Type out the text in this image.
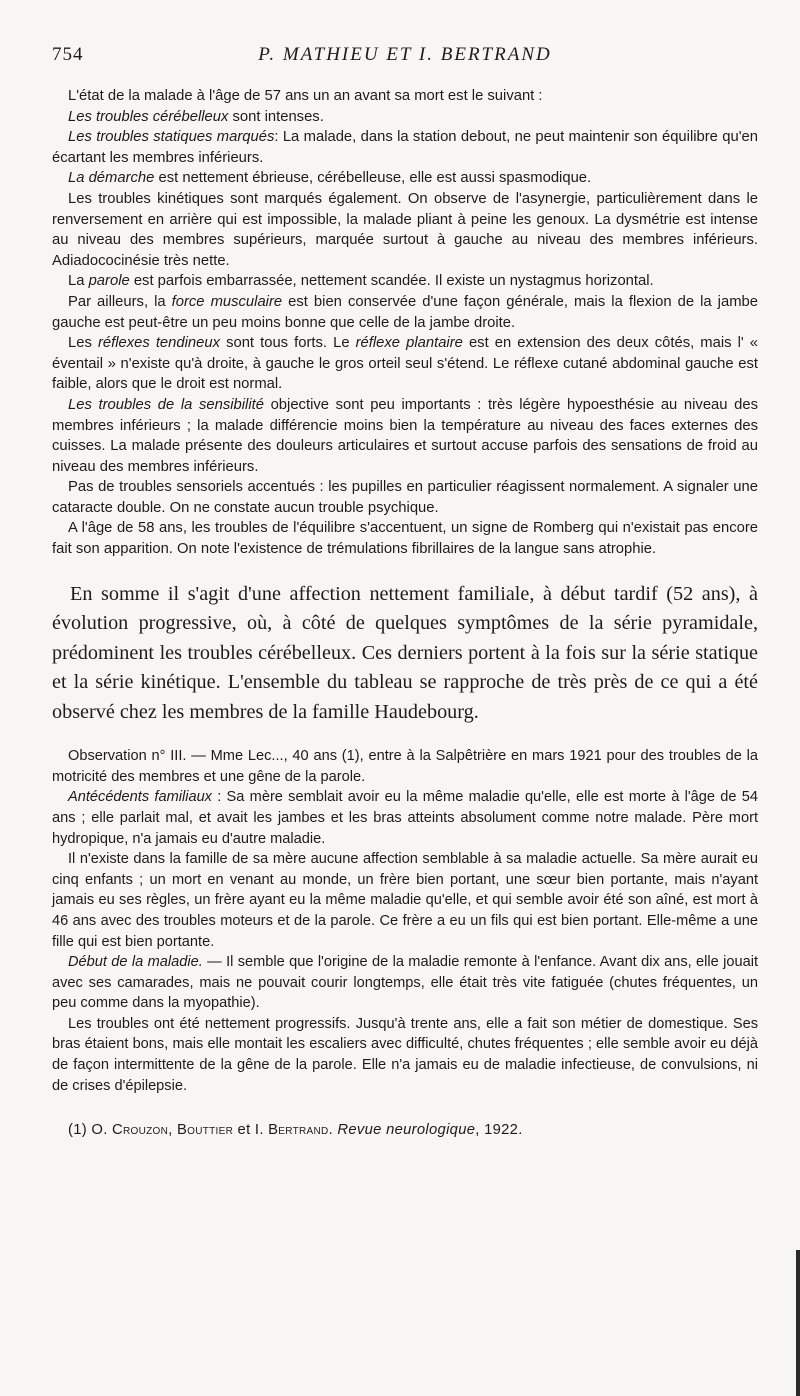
754	P. MATHIEU ET I. BERTRAND

L'état de la malade à l'âge de 57 ans un an avant sa mort est le suivant :

Les troubles cérébelleux sont intenses.

Les troubles statiques marqués: La malade, dans la station debout, ne peut maintenir son équilibre qu'en écartant les membres inférieurs.

La démarche est nettement ébrieuse, cérébelleuse, elle est aussi spasmodique.

Les troubles kinétiques sont marqués également. On observe de l'asynergie, particulièrement dans le renversement en arrière qui est impossible, la malade pliant à peine les genoux. La dysmétrie est intense au niveau des membres supérieurs, marquée surtout à gauche au niveau des membres inférieurs. Adiadococinésie très nette.

La parole est parfois embarrassée, nettement scandée. Il existe un nystagmus horizontal.

Par ailleurs, la force musculaire est bien conservée d'une façon générale, mais la flexion de la jambe gauche est peut-être un peu moins bonne que celle de la jambe droite.

Les réflexes tendineux sont tous forts. Le réflexe plantaire est en extension des deux côtés, mais l' « éventail » n'existe qu'à droite, à gauche le gros orteil seul s'étend. Le réflexe cutané abdominal gauche est faible, alors que le droit est normal.

Les troubles de la sensibilité objective sont peu importants : très légère hypoesthésie au niveau des membres inférieurs ; la malade différencie moins bien la température au niveau des faces externes des cuisses. La malade présente des douleurs articulaires et surtout accuse parfois des sensations de froid au niveau des membres inférieurs.

Pas de troubles sensoriels accentués : les pupilles en particulier réagissent normalement. A signaler une cataracte double. On ne constate aucun trouble psychique.

A l'âge de 58 ans, les troubles de l'équilibre s'accentuent, un signe de Romberg qui n'existait pas encore fait son apparition. On note l'existence de trémulations fibrillaires de la langue sans atrophie.

En somme il s'agit d'une affection nettement familiale, à début tardif (52 ans), à évolution progressive, où, à côté de quelques symptômes de la série pyramidale, prédominent les troubles cérébelleux. Ces derniers portent à la fois sur la série statique et la série kinétique. L'ensemble du tableau se rapproche de très près de ce qui a été observé chez les membres de la famille Haudebourg.

Observation n° III. — Mme Lec..., 40 ans (1), entre à la Salpêtrière en mars 1921 pour des troubles de la motricité des membres et une gêne de la parole.

Antécédents familiaux : Sa mère semblait avoir eu la même maladie qu'elle, elle est morte à l'âge de 54 ans ; elle parlait mal, et avait les jambes et les bras atteints absolument comme notre malade. Père mort hydropique, n'a jamais eu d'autre maladie.

Il n'existe dans la famille de sa mère aucune affection semblable à sa maladie actuelle. Sa mère aurait eu cinq enfants ; un mort en venant au monde, un frère bien portant, une sœur bien portante, mais n'ayant jamais eu ses règles, un frère ayant eu la même maladie qu'elle, et qui semble avoir été son aîné, est mort à 46 ans avec des troubles moteurs et de la parole. Ce frère a eu un fils qui est bien portant. Elle-même a une fille qui est bien portante.

Début de la maladie. — Il semble que l'origine de la maladie remonte à l'enfance. Avant dix ans, elle jouait avec ses camarades, mais ne pouvait courir longtemps, elle était très vite fatiguée (chutes fréquentes, un peu comme dans la myopathie).

Les troubles ont été nettement progressifs. Jusqu'à trente ans, elle a fait son métier de domestique. Ses bras étaient bons, mais elle montait les escaliers avec difficulté, chutes fréquentes ; elle semble avoir eu déjà de façon intermittente de la gêne de la parole. Elle n'a jamais eu de maladie infectieuse, de convulsions, ni de crises d'épilepsie.

(1) O. Crouzon, Bouttier et I. Bertrand. Revue neurologique, 1922.
